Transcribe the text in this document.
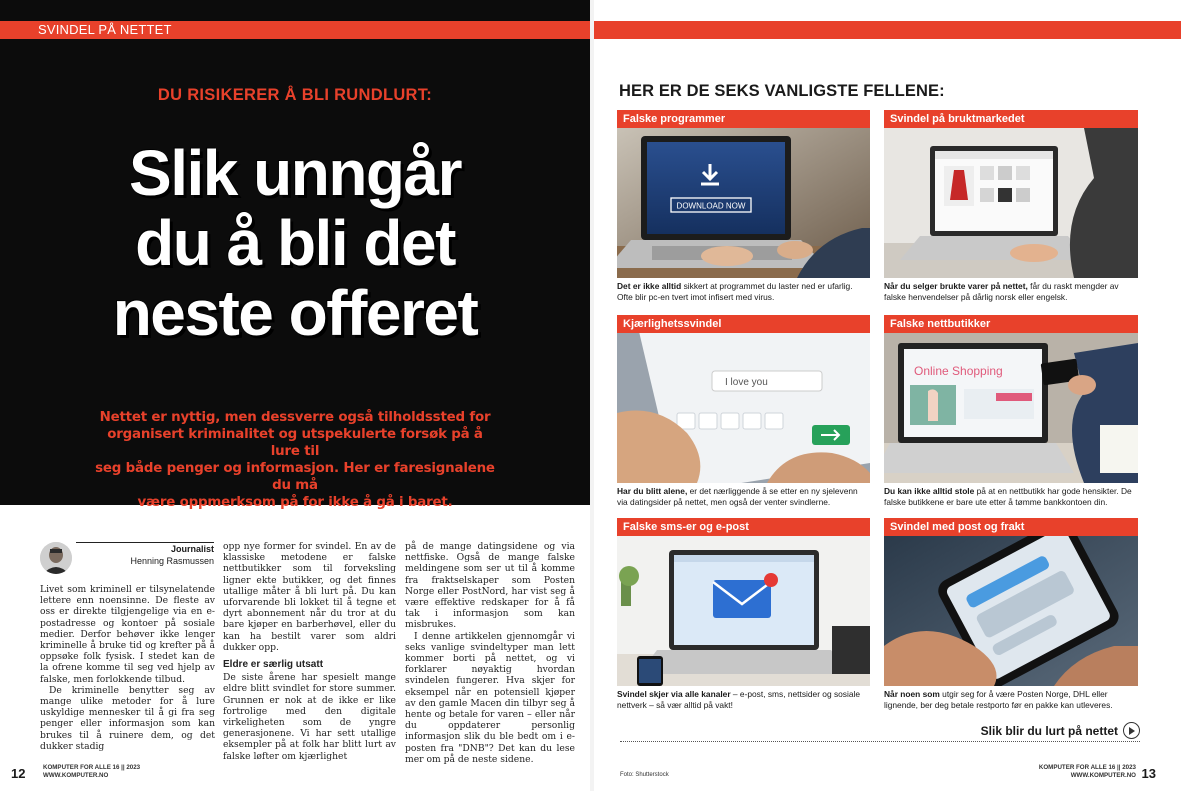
SVINDEL PÅ NETTET
DU RISIKERER Å BLI RUNDLURT:
Slik unngår
du å bli det
neste offeret
Nettet er nyttig, men dessverre også tilholdssted for
organisert kriminalitet og utspekulerte forsøk på å lure til
seg både penger og informasjon. Her er faresignalene du må
være oppmerksom på for ikke å gå i baret.
Journalist
Henning Rasmussen

Livet som kriminell er tilsynelatende lettere enn noensinne. De fleste av oss er direkte tilgjengelige via en e-postadresse og kontoer på sosiale medier. Derfor behøver ikke lenger kriminelle å bruke tid og krefter på å oppsøke folk fysisk. I stedet kan de la ofrene komme til seg ved hjelp av falske, men forlokkende tilbud.

De kriminelle benytter seg av mange ulike metoder for å lure uskyldige mennesker til å gi fra seg penger eller informasjon som kan brukes til å ruinere dem, og det dukker stadig

opp nye former for svindel. En av de klassiske metodene er falske nettbutikker som til forveksling ligner ekte butikker, og det finnes utallige måter å bli lurt på. Du kan uforvarende bli lokket til å tegne et dyrt abonnement når du tror at du bare kjøper en barberhøvel, eller du kan ha bestilt varer som aldri dukker opp.

Eldre er særlig utsatt

De siste årene har spesielt mange eldre blitt svindlet for store summer. Grunnen er nok at de ikke er like fortrolige med den digitale virkeligheten som de yngre generasjonene. Vi har sett utallige eksempler på at folk har blitt lurt av falske løfter om kjærlighet

på de mange datingsidene og via nettfiske. Også de mange falske meldingene som ser ut til å komme fra fraktselskaper som Posten Norge eller PostNord, har vist seg å være effektive redskaper for å få tak i informasjon som kan misbrukes.

I denne artikkelen gjennomgår vi seks vanlige svindeltyper man lett kommer borti på nettet, og vi forklarer nøyaktig hvordan svindelen fungerer. Hva skjer for eksempel når en potensiell kjøper av den gamle Macen din tilbyr seg å hente og betale for varen – eller når du oppdaterer personlig informasjon slik du ble bedt om i e-posten fra "DNB"? Det kan du lese mer om på de neste sidene.

12	KOMPUTER FOR ALLE 16 || 2023
WWW.KOMPUTER.NO
HER ER DE SEKS VANLIGSTE FELLENE:
Falske programmer
DOWNLOAD NOW
Det er ikke alltid sikkert at programmet du laster ned er ufarlig. Ofte blir pc-en tvert imot infisert med virus.
Svindel på bruktmarkedet
Når du selger brukte varer på nettet, får du raskt mengder av falske henvendelser på dårlig norsk eller engelsk.
Kjærlighetssvindel
I love you
Har du blitt alene, er det nærliggende å se etter en ny sjelevenn via datingsider på nettet, men også der venter svindlerne.
Falske nettbutikker
Online Shopping
Du kan ikke alltid stole på at en nettbutikk har gode hensikter. De falske butikkene er bare ute etter å tømme bankkontoen din.
Falske sms-er og e-post
Svindel skjer via alle kanaler – e-post, sms, nettsider og sosiale nettverk – så vær alltid på vakt!
Svindel med post og frakt
Når noen som utgir seg for å være Posten Norge, DHL eller lignende, ber deg betale restporto før en pakke kan utleveres.
Slik blir du lurt på nettet
Foto: Shutterstock
KOMPUTER FOR ALLE 16 || 2023
WWW.KOMPUTER.NO 13
